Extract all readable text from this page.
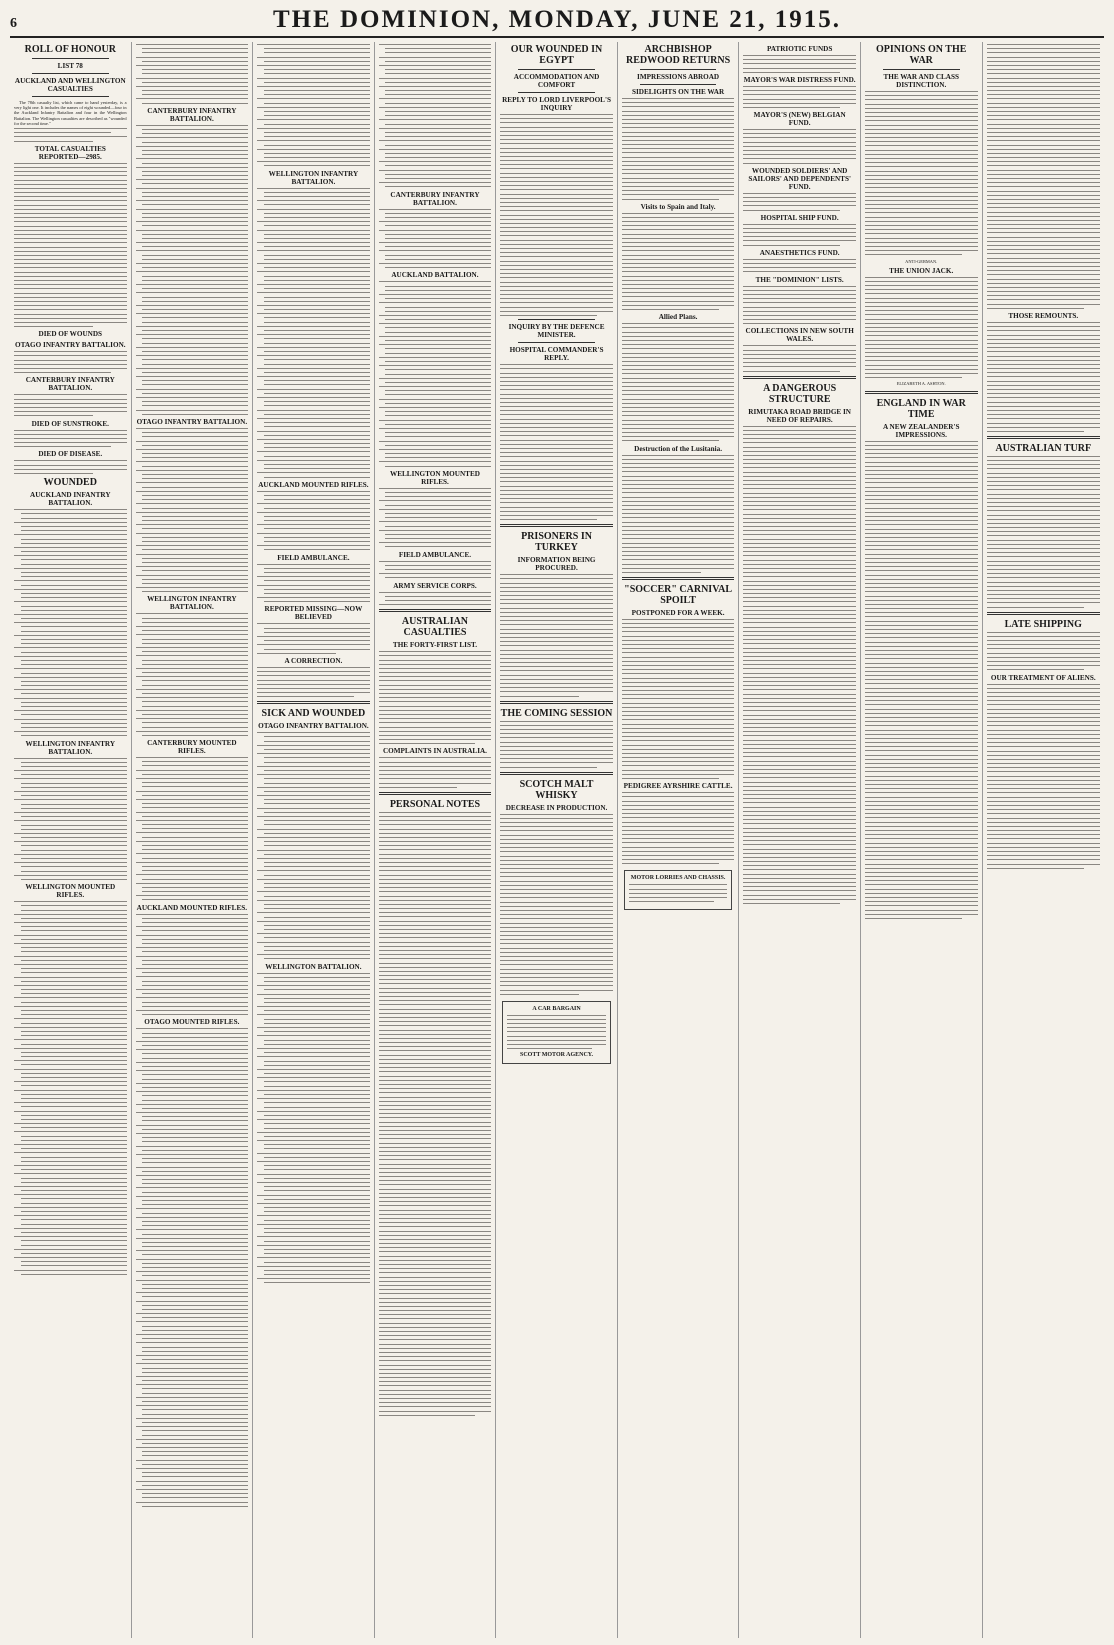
6	THE DOMINION, MONDAY, JUNE 21, 1915.
ROLL OF HONOUR
LIST 78
AUCKLAND AND WELLINGTON CASUALTIES

The 78th casualty list, which came to hand yesterday, is a very light one. It includes the names of eight wounded—four in the Auckland Infantry Battalion and four in the Wellington Battalion. The Wellington casualties are described as "wounded for the second time."

TOTAL CASUALTIES REPORTED—2985.
DIED OF WOUNDS
OTAGO INFANTRY BATTALION.
CANTERBURY INFANTRY BATTALION.
DIED OF SUNSTROKE.
DIED OF DISEASE.
WOUNDED
AUCKLAND INFANTRY BATTALION.
WELLINGTON INFANTRY BATTALION.
WELLINGTON MOUNTED RIFLES.
CANTERBURY INFANTRY BATTALION.
OTAGO INFANTRY BATTALION.
WELLINGTON INFANTRY BATTALION.
CANTERBURY MOUNTED RIFLES.
AUCKLAND MOUNTED RIFLES.
OTAGO MOUNTED RIFLES.
WELLINGTON INFANTRY BATTALION.
AUCKLAND MOUNTED RIFLES.
FIELD AMBULANCE.
REPORTED MISSING—NOW BELIEVED
A CORRECTION.
SICK AND WOUNDED
OTAGO INFANTRY BATTALION.
WELLINGTON BATTALION.
CANTERBURY INFANTRY BATTALION.
AUCKLAND BATTALION.
WELLINGTON MOUNTED RIFLES.
FIELD AMBULANCE.
ARMY SERVICE CORPS.
AUSTRALIAN CASUALTIES
THE FORTY-FIRST LIST.
COMPLAINTS IN AUSTRALIA.
PERSONAL NOTES
OUR WOUNDED IN EGYPT
ACCOMMODATION AND COMFORT
REPLY TO LORD LIVERPOOL'S INQUIRY
INQUIRY BY THE DEFENCE MINISTER.
HOSPITAL COMMANDER'S REPLY.
PRISONERS IN TURKEY
INFORMATION BEING PROCURED.
THE COMING SESSION
SCOTCH MALT WHISKY
DECREASE IN PRODUCTION.
A CAR BARGAIN
SCOTT MOTOR AGENCY.
ARCHBISHOP REDWOOD RETURNS
IMPRESSIONS ABROAD
SIDELIGHTS ON THE WAR
Visits to Spain and Italy.
Allied Plans.
Destruction of the Lusitania.
"SOCCER" CARNIVAL SPOILT
POSTPONED FOR A WEEK.
PEDIGREE AYRSHIRE CATTLE.
MOTOR LORRIES AND CHASSIS.
PATRIOTIC FUNDS
MAYOR'S WAR DISTRESS FUND.
MAYOR'S (NEW) BELGIAN FUND.
WOUNDED SOLDIERS' AND SAILORS' AND DEPENDENTS' FUND.
HOSPITAL SHIP FUND.
ANAESTHETICS FUND.
THE "DOMINION" LISTS.
COLLECTIONS IN NEW SOUTH WALES.
A DANGEROUS STRUCTURE
RIMUTAKA ROAD BRIDGE IN NEED OF REPAIRS.
OPINIONS ON THE WAR
THE WAR AND CLASS DISTINCTION.

ANTI-GERMAN.

THE UNION JACK.

ELIZABETH A. ASHTON.

ENGLAND IN WAR TIME
A NEW ZEALANDER'S IMPRESSIONS.
THOSE REMOUNTS.
AUSTRALIAN TURF
LATE SHIPPING
OUR TREATMENT OF ALIENS.
